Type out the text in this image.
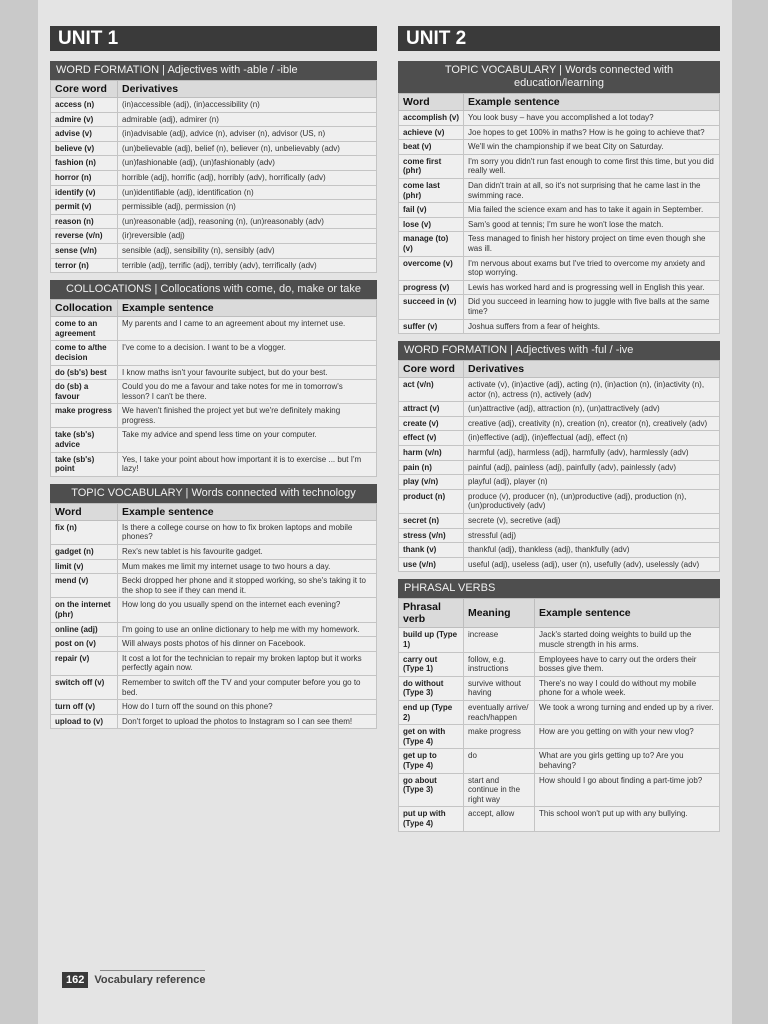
UNIT 1
WORD FORMATION | Adjectives with -able / -ible
Core word	Derivatives
access (n)	(in)accessible (adj), (in)accessibility (n)
admire (v)	admirable (adj), admirer (n)
advise (v)	(in)advisable (adj), advice (n), adviser (n), advisor (US, n)
believe (v)	(un)believable (adj), belief (n), believer (n), unbelievably (adv)
fashion (n)	(un)fashionable (adj), (un)fashionably (adv)
horror (n)	horrible (adj), horrific (adj), horribly (adv), horrifically (adv)
identify (v)	(un)identifiable (adj), identification (n)
permit (v)	permissible (adj), permission (n)
reason (n)	(un)reasonable (adj), reasoning (n), (un)reasonably (adv)
reverse (v/n)	(ir)reversible (adj)
sense (v/n)	sensible (adj), sensibility (n), sensibly (adv)
terror (n)	terrible (adj), terrific (adj), terribly (adv), terrifically (adv)
COLLOCATIONS | Collocations with come, do, make or take
Collocation	Example sentence
come to an agreement	My parents and I came to an agreement about my internet use.
come to a/the decision	I've come to a decision. I want to be a vlogger.
do (sb's) best	I know maths isn't your favourite subject, but do your best.
do (sb) a favour	Could you do me a favour and take notes for me in tomorrow's lesson? I can't be there.
make progress	We haven't finished the project yet but we're definitely making progress.
take (sb's) advice	Take my advice and spend less time on your computer.
take (sb's) point	Yes, I take your point about how important it is to exercise ... but I'm lazy!
TOPIC VOCABULARY | Words connected with technology
Word	Example sentence
fix (n)	Is there a college course on how to fix broken laptops and mobile phones?
gadget (n)	Rex's new tablet is his favourite gadget.
limit (v)	Mum makes me limit my internet usage to two hours a day.
mend (v)	Becki dropped her phone and it stopped working, so she's taking it to the shop to see if they can mend it.
on the internet (phr)	How long do you usually spend on the internet each evening?
online (adj)	I'm going to use an online dictionary to help me with my homework.
post on (v)	Will always posts photos of his dinner on Facebook.
repair (v)	It cost a lot for the technician to repair my broken laptop but it works perfectly again now.
switch off (v)	Remember to switch off the TV and your computer before you go to bed.
turn off (v)	How do I turn off the sound on this phone?
upload to (v)	Don't forget to upload the photos to Instagram so I can see them!
UNIT 2
TOPIC VOCABULARY | Words connected with education/learning
Word	Example sentence
accomplish (v)	You look busy – have you accomplished a lot today?
achieve (v)	Joe hopes to get 100% in maths? How is he going to achieve that?
beat (v)	We'll win the championship if we beat City on Saturday.
come first (phr)	I'm sorry you didn't run fast enough to come first this time, but you did really well.
come last (phr)	Dan didn't train at all, so it's not surprising that he came last in the swimming race.
fail (v)	Mia failed the science exam and has to take it again in September.
lose (v)	Sam's good at tennis; I'm sure he won't lose the match.
manage (to) (v)	Tess managed to finish her history project on time even though she was ill.
overcome (v)	I'm nervous about exams but I've tried to overcome my anxiety and stop worrying.
progress (v)	Lewis has worked hard and is progressing well in English this year.
succeed in (v)	Did you succeed in learning how to juggle with five balls at the same time?
suffer (v)	Joshua suffers from a fear of heights.
WORD FORMATION | Adjectives with -ful / -ive
Core word	Derivatives
act (v/n)	activate (v), (in)active (adj), acting (n), (in)action (n), (in)activity (n), actor (n), actress (n), actively (adv)
attract (v)	(un)attractive (adj), attraction (n), (un)attractively (adv)
create (v)	creative (adj), creativity (n), creation (n), creator (n), creatively (adv)
effect (v)	(in)effective (adj), (in)effectual (adj), effect (n)
harm (v/n)	harmful (adj), harmless (adj), harmfully (adv), harmlessly (adv)
pain (n)	painful (adj), painless (adj), painfully (adv), painlessly (adv)
play (v/n)	playful (adj), player (n)
product (n)	produce (v), producer (n), (un)productive (adj), production (n), (un)productively (adv)
secret (n)	secrete (v), secretive (adj)
stress (v/n)	stressful (adj)
thank (v)	thankful (adj), thankless (adj), thankfully (adv)
use (v/n)	useful (adj), useless (adj), user (n), usefully (adv), uselessly (adv)
PHRASAL VERBS
Phrasal verb	Meaning	Example sentence
build up (Type 1)	increase	Jack's started doing weights to build up the muscle strength in his arms.
carry out (Type 1)	follow, e.g. instructions	Employees have to carry out the orders their bosses give them.
do without (Type 3)	survive without having	There's no way I could do without my mobile phone for a whole week.
end up (Type 2)	eventually arrive/ reach/happen	We took a wrong turning and ended up by a river.
get on with (Type 4)	make progress	How are you getting on with your new vlog?
get up to (Type 4)	do	What are you girls getting up to? Are you behaving?
go about (Type 3)	start and continue in the right way	How should I go about finding a part-time job?
put up with (Type 4)	accept, allow	This school won't put up with any bullying.
162 Vocabulary reference
